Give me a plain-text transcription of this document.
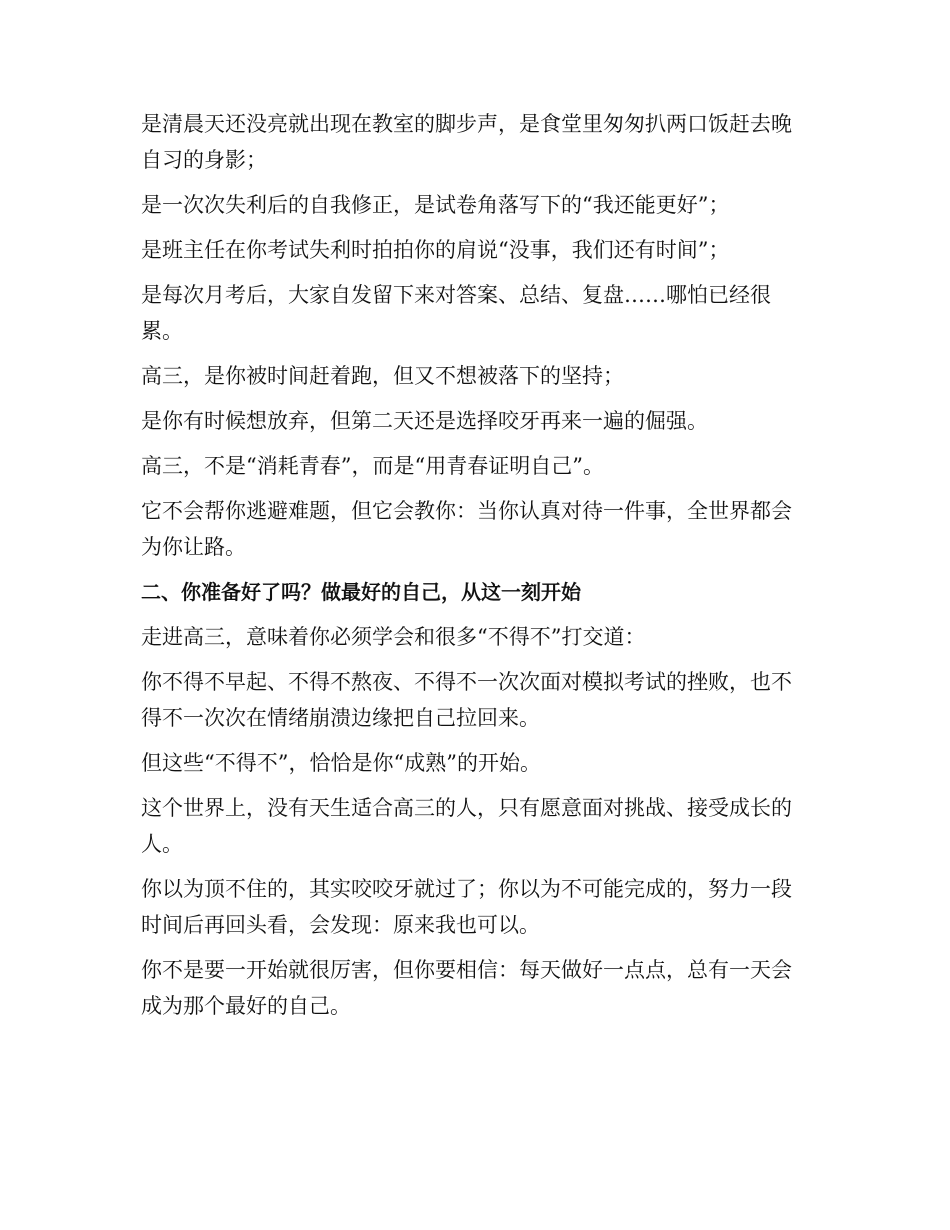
是清晨天还没亮就出现在教室的脚步声，是食堂里匆匆扒两口饭赶去晚自习的身影；

是一次次失利后的自我修正，是试卷角落写下的“我还能更好”；

是班主任在你考试失利时拍拍你的肩说“没事，我们还有时间”；

是每次月考后，大家自发留下来对答案、总结、复盘……哪怕已经很累。

高三，是你被时间赶着跑，但又不想被落下的坚持；

是你有时候想放弃，但第二天还是选择咬牙再来一遍的倔强。

高三，不是“消耗青春”，而是“用青春证明自己”。

它不会帮你逃避难题，但它会教你：当你认真对待一件事，全世界都会为你让路。

二、你准备好了吗？做最好的自己，从这一刻开始

走进高三，意味着你必须学会和很多“不得不”打交道：

你不得不早起、不得不熬夜、不得不一次次面对模拟考试的挫败，也不得不一次次在情绪崩溃边缘把自己拉回来。

但这些“不得不”，恰恰是你“成熟”的开始。

这个世界上，没有天生适合高三的人，只有愿意面对挑战、接受成长的人。

你以为顶不住的，其实咬咬牙就过了；你以为不可能完成的，努力一段时间后再回头看，会发现：原来我也可以。

你不是要一开始就很厉害，但你要相信：每天做好一点点，总有一天会成为那个最好的自己。
